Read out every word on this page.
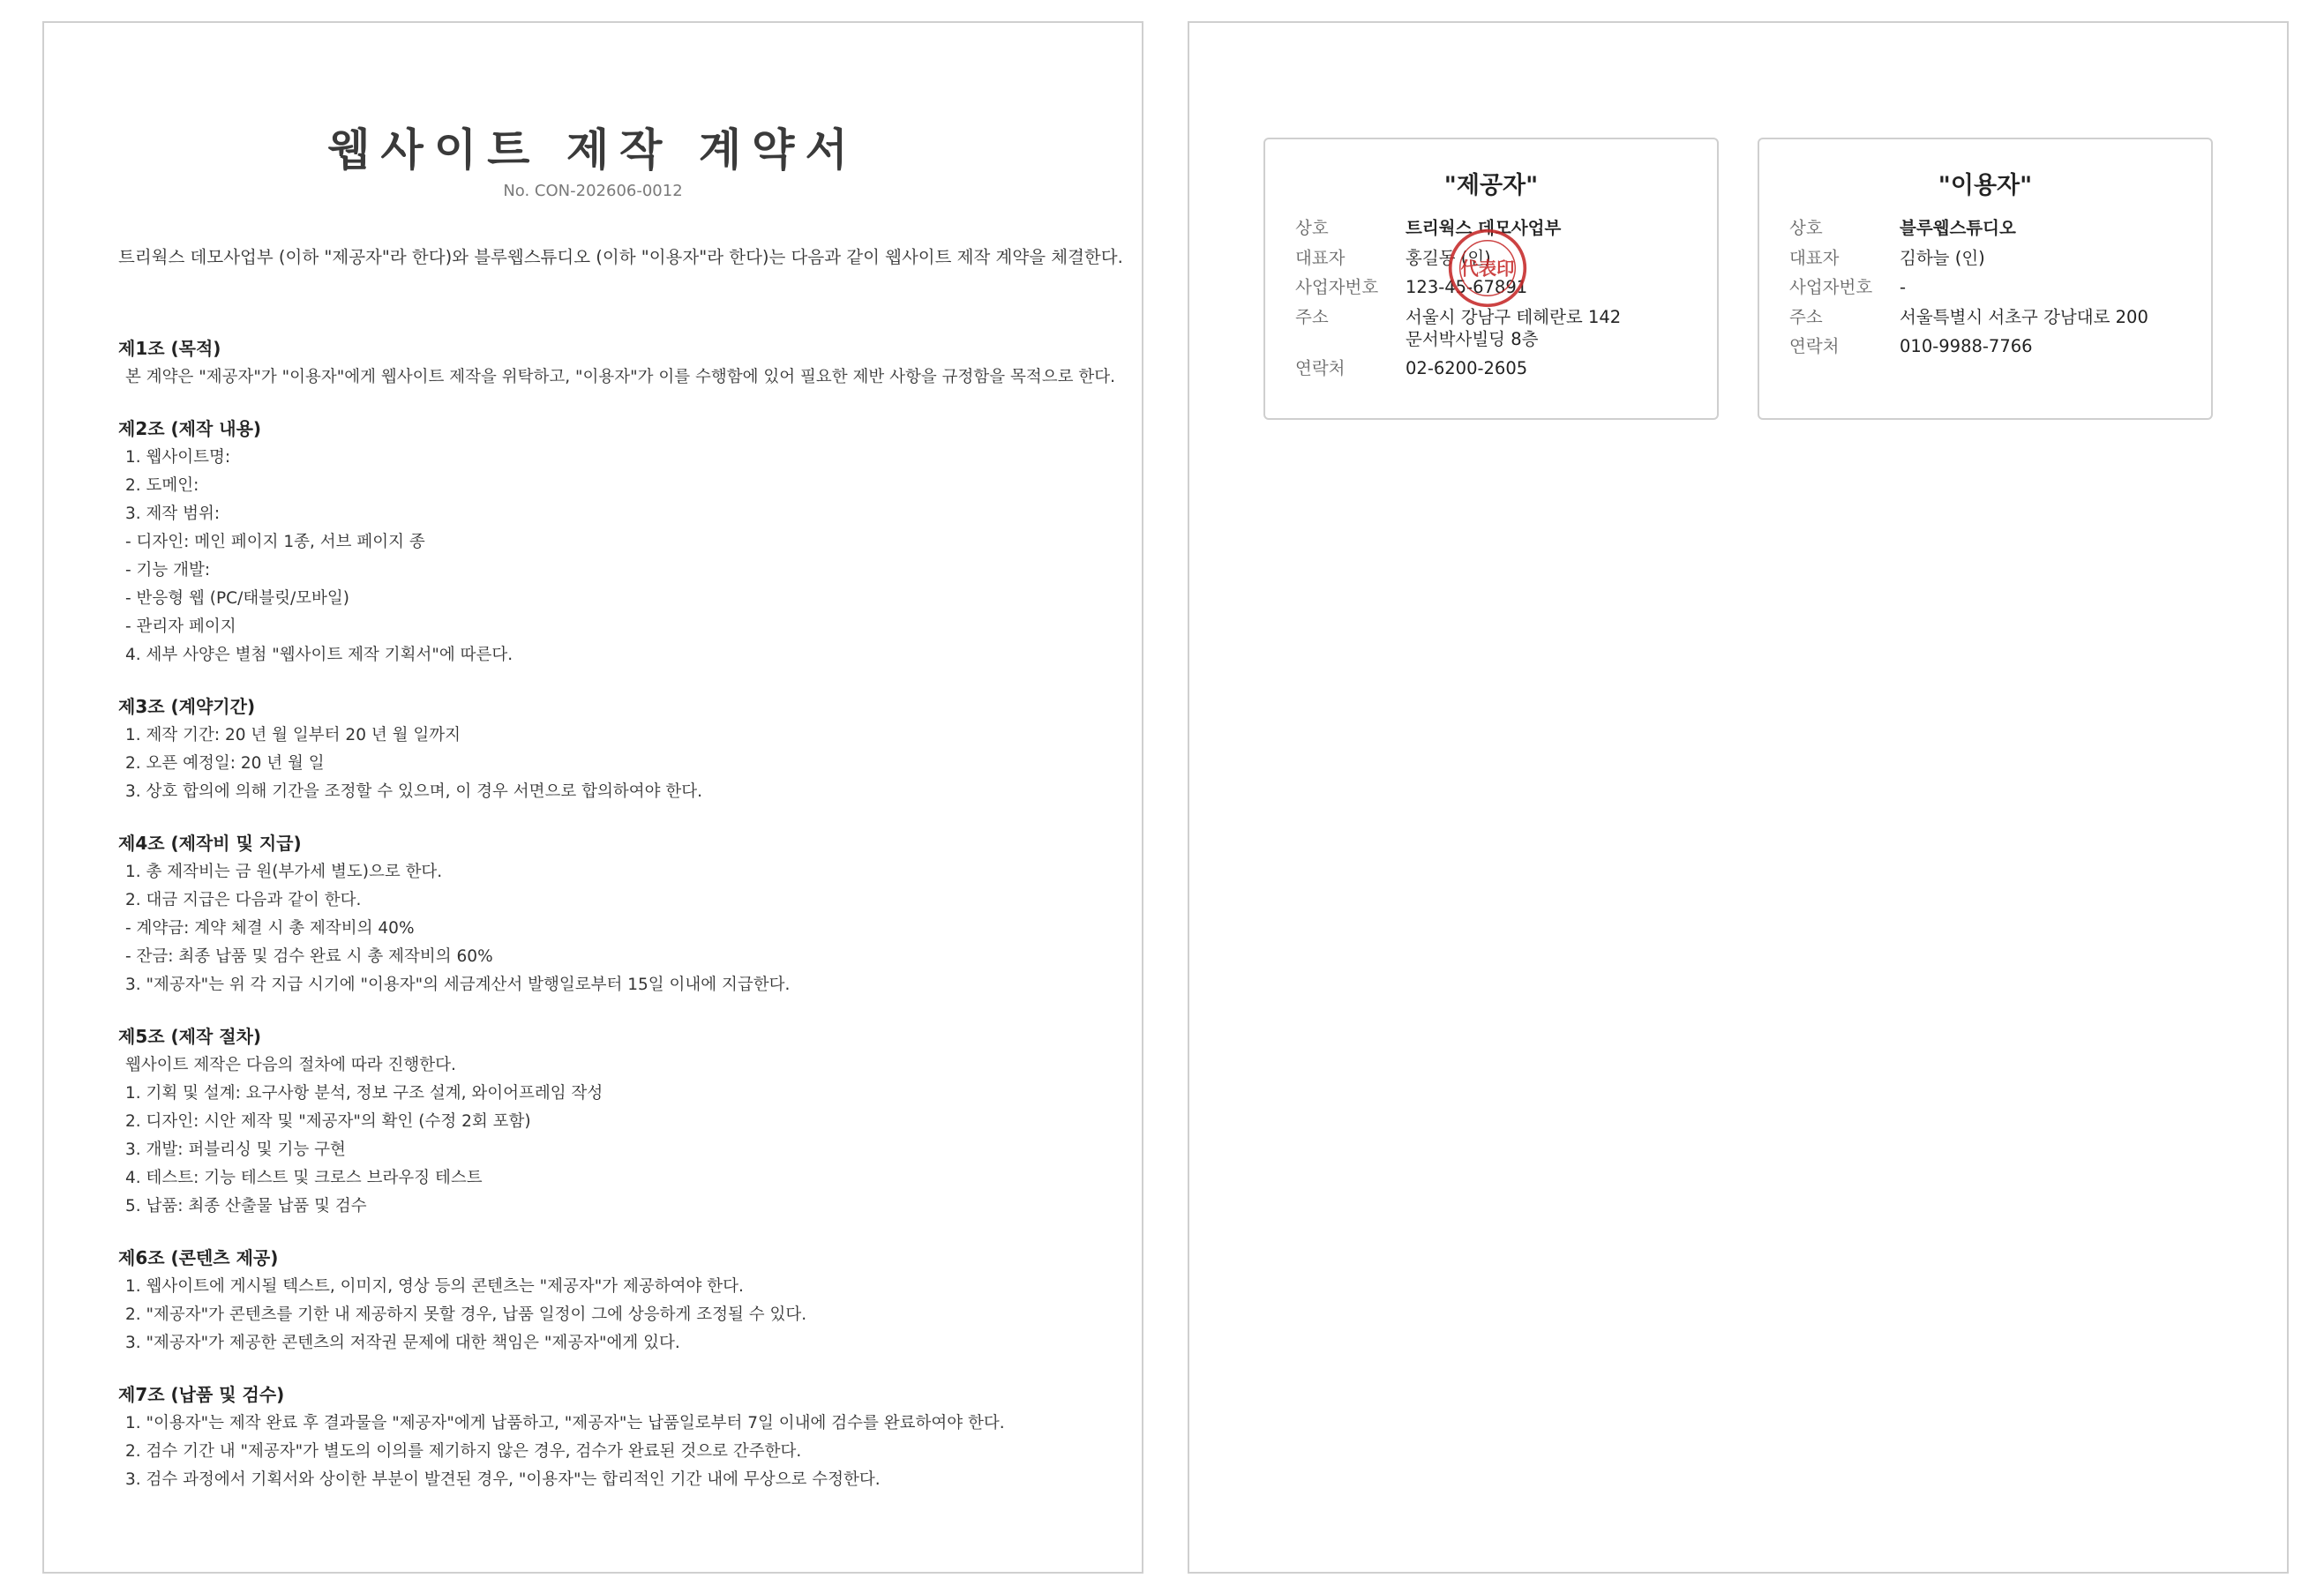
웹사이트 제작 계약서
No. CON-202606-0012
트리웍스 데모사업부 (이하 "제공자"라 한다)와 블루웹스튜디오 (이하 "이용자"라 한다)는 다음과 같이 웹사이트 제작 계약을 체결한다.
제1조 (목적)
본 계약은 "제공자"가 "이용자"에게 웹사이트 제작을 위탁하고, "이용자"가 이를 수행함에 있어 필요한 제반 사항을 규정함을 목적으로 한다.
제2조 (제작 내용)
1. 웹사이트명:
2. 도메인:
3. 제작 범위:
- 디자인: 메인 페이지 1종, 서브 페이지 종
- 기능 개발:
- 반응형 웹 (PC/태블릿/모바일)
- 관리자 페이지
4. 세부 사양은 별첨 "웹사이트 제작 기획서"에 따른다.
제3조 (계약기간)
1. 제작 기간: 20 년 월 일부터 20 년 월 일까지
2. 오픈 예정일: 20 년 월 일
3. 상호 합의에 의해 기간을 조정할 수 있으며, 이 경우 서면으로 합의하여야 한다.
제4조 (제작비 및 지급)
1. 총 제작비는 금 원(부가세 별도)으로 한다.
2. 대금 지급은 다음과 같이 한다.
- 계약금: 계약 체결 시 총 제작비의 40%
- 잔금: 최종 납품 및 검수 완료 시 총 제작비의 60%
3. "제공자"는 위 각 지급 시기에 "이용자"의 세금계산서 발행일로부터 15일 이내에 지급한다.
제5조 (제작 절차)
웹사이트 제작은 다음의 절차에 따라 진행한다.
1. 기획 및 설계: 요구사항 분석, 정보 구조 설계, 와이어프레임 작성
2. 디자인: 시안 제작 및 "제공자"의 확인 (수정 2회 포함)
3. 개발: 퍼블리싱 및 기능 구현
4. 테스트: 기능 테스트 및 크로스 브라우징 테스트
5. 납품: 최종 산출물 납품 및 검수
제6조 (콘텐츠 제공)
1. 웹사이트에 게시될 텍스트, 이미지, 영상 등의 콘텐츠는 "제공자"가 제공하여야 한다.
2. "제공자"가 콘텐츠를 기한 내 제공하지 못할 경우, 납품 일정이 그에 상응하게 조정될 수 있다.
3. "제공자"가 제공한 콘텐츠의 저작권 문제에 대한 책임은 "제공자"에게 있다.
제7조 (납품 및 검수)
1. "이용자"는 제작 완료 후 결과물을 "제공자"에게 납품하고, "제공자"는 납품일로부터 7일 이내에 검수를 완료하여야 한다.
2. 검수 기간 내 "제공자"가 별도의 이의를 제기하지 않은 경우, 검수가 완료된 것으로 간주한다.
3. 검수 과정에서 기획서와 상이한 부분이 발견된 경우, "이용자"는 합리적인 기간 내에 무상으로 수정한다.
"제공자"
상호	트리웍스 데모사업부
대표자	홍길동 (인)
사업자번호	123-45-67891
주소	서울시 강남구 테헤란로 142
문서박사빌딩 8층
연락처	02-6200-2605
代表印
"이용자"
상호	블루웹스튜디오
대표자	김하늘 (인)
사업자번호	-
주소	서울특별시 서초구 강남대로 200
연락처	010-9988-7766
